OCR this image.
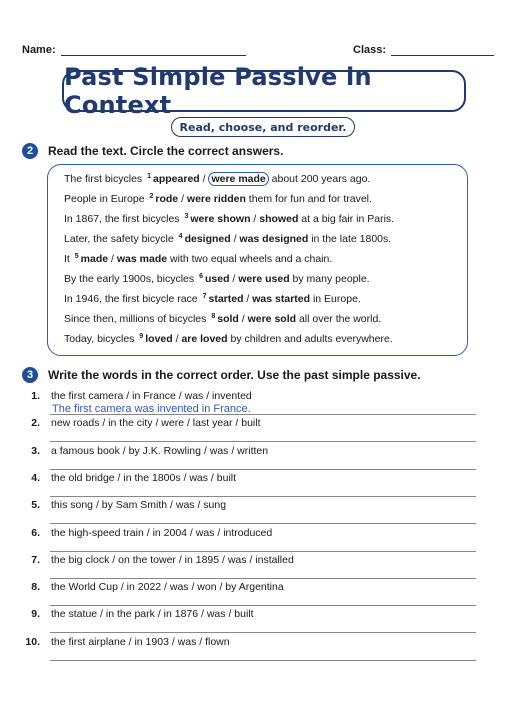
Name:	Class:
Past Simple Passive in Context
Read, choose, and reorder.
2	Read the text. Circle the correct answers.
The first bicycles $^1$ appeared / were made about 200 years ago.
People in Europe $^2$ rode / were ridden them for fun and for travel.
In 1867, the first bicycles $^3$ were shown / showed at a big fair in Paris.
Later, the safety bicycle $^4$ designed / was designed in the late 1800s.
It $^5$ made / was made with two equal wheels and a chain.
By the early 1900s, bicycles $^6$ used / were used by many people.
In 1946, the first bicycle race $^7$ started / was started in Europe.
Since then, millions of bicycles $^8$ sold / were sold all over the world.
Today, bicycles $^9$ loved / are loved by children and adults everywhere.
3	Write the words in the correct order. Use the past simple passive.
1. the first camera / in France / was / invented
The first camera was invented in France.
2. new roads / in the city / were / last year / built
3. a famous book / by J.K. Rowling / was / written
4. the old bridge / in the 1800s / was / built
5. this song / by Sam Smith / was / sung
6. the high-speed train / in 2004 / was / introduced
7. the big clock / on the tower / in 1895 / was / installed
8. the World Cup / in 2022 / was / won / by Argentina
9. the statue / in the park / in 1876 / was / built
10. the first airplane / in 1903 / was / flown
